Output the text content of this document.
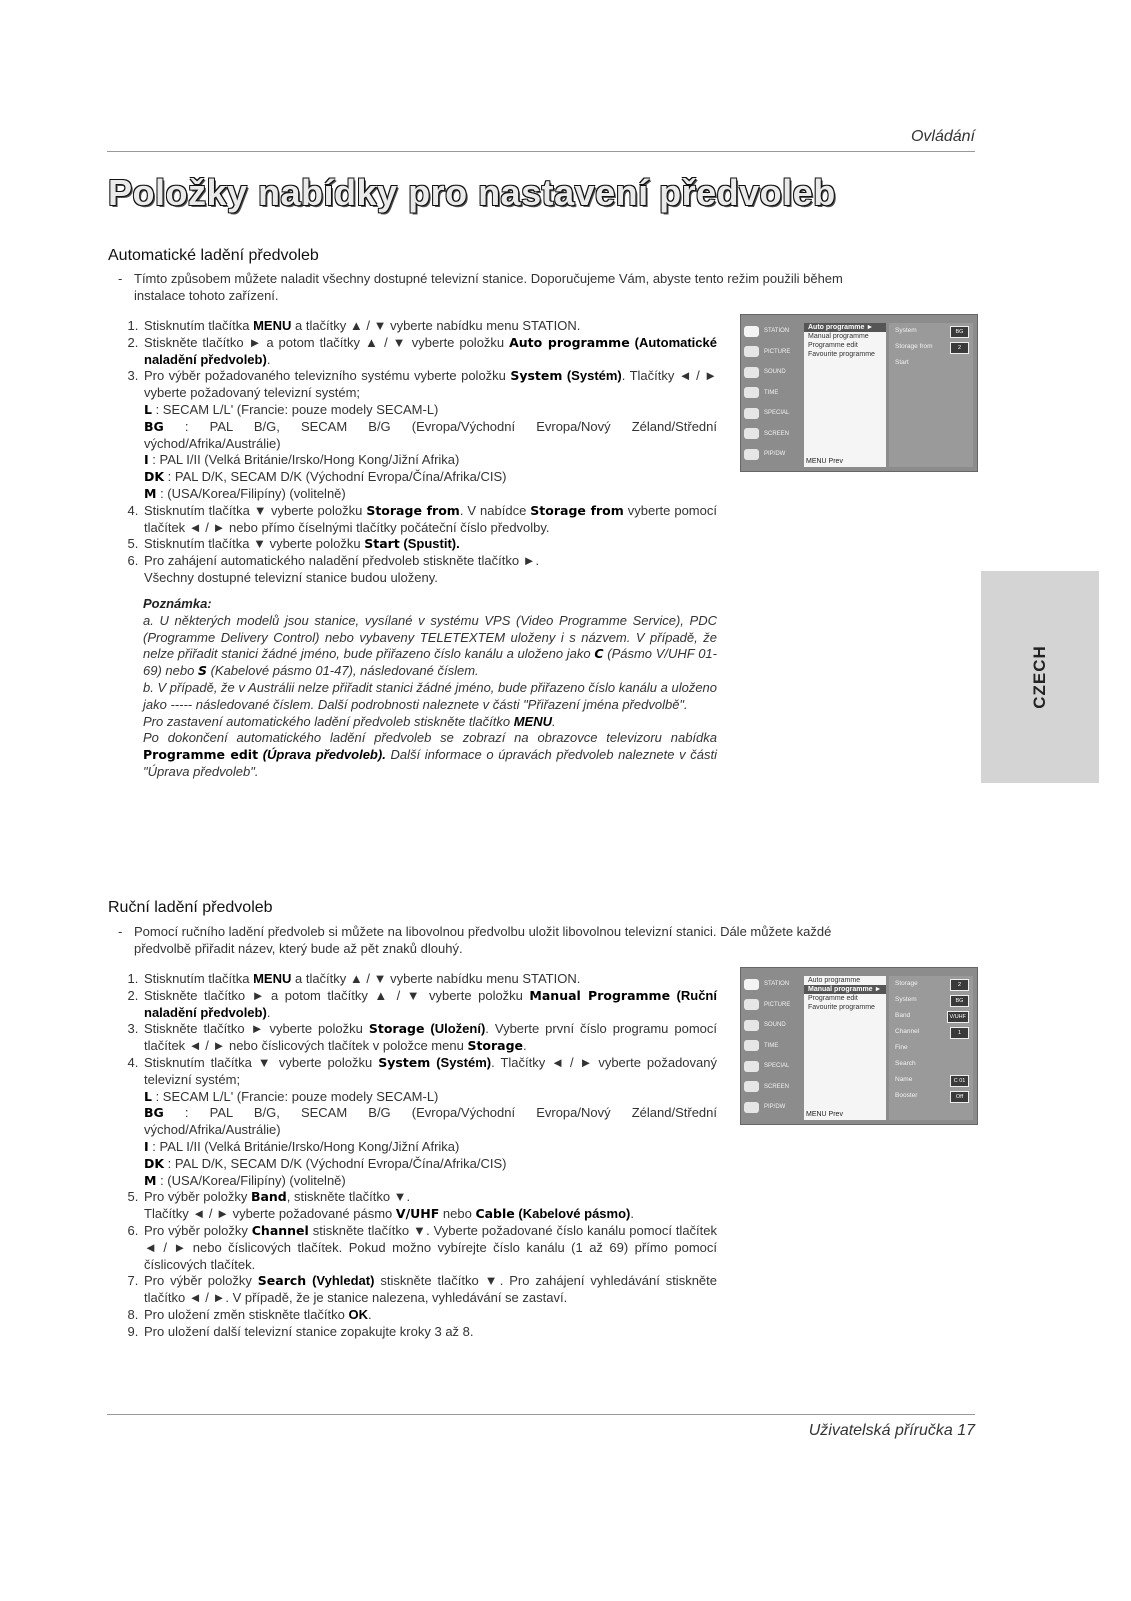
Ovládání
Položky nabídky pro nastavení předvoleb
Automatické ladění předvoleb
- Tímto způsobem můžete naladit všechny dostupné televizní stanice. Doporučujeme Vám, abyste tento režim použili během instalace tohoto zařízení.
1. Stisknutím tlačítka MENU a tlačítky ▲ / ▼ vyberte nabídku menu STATION.
2. Stiskněte tlačítko ► a potom tlačítky ▲ / ▼ vyberte položku Auto programme (Automatické naladění předvoleb).
3. Pro výběr požadovaného televizního systému vyberte položku System (Systém). Tlačítky ◄ / ► vyberte požadovaný televizní systém;
L : SECAM L/L' (Francie: pouze modely SECAM-L)
BG : PAL B/G, SECAM B/G (Evropa/Východní Evropa/Nový Zéland/Střední východ/Afrika/Austrálie)
I : PAL I/II (Velká Británie/Irsko/Hong Kong/Jižní Afrika)
DK : PAL D/K, SECAM D/K (Východní Evropa/Čína/Afrika/CIS)
M : (USA/Korea/Filipíny) (volitelně)
4. Stisknutím tlačítka ▼ vyberte položku Storage from. V nabídce Storage from vyberte pomocí tlačítek ◄ / ► nebo přímo číselnými tlačítky počáteční číslo předvolby.
5. Stisknutím tlačítka ▼ vyberte položku Start (Spustit).
6. Pro zahájení automatického naladění předvoleb stiskněte tlačítko ►.
Všechny dostupné televizní stanice budou uloženy.
Poznámka:
a. U některých modelů jsou stanice, vysílané v systému VPS (Video Programme Service), PDC (Programme Delivery Control) nebo vybaveny TELETEXTEM uloženy i s názvem. V případě, že nelze přiřadit stanici žádné jméno, bude přiřazeno číslo kanálu a uloženo jako C (Pásmo V/UHF 01-69) nebo S (Kabelové pásmo 01-47), následované číslem.
b. V případě, že v Austrálii nelze přiřadit stanici žádné jméno, bude přiřazeno číslo kanálu a uloženo jako ----- následované číslem. Další podrobnosti naleznete v části "Přiřazení jména předvolbě".
Pro zastavení automatického ladění předvoleb stiskněte tlačítko MENU.
Po dokončení automatického ladění předvoleb se zobrazí na obrazovce televizoru nabídka Programme edit (Úprava předvoleb). Další informace o úpravách předvoleb naleznete v části "Úprava předvoleb".
STATION
PICTURE
SOUND
TIME
SPECIAL
SCREEN
PIP/DW
Auto programme ►
Manual programme
Programme edit
Favourite programme
MENU Prev
System	BG
Storage from	2
Start
CZECH
Ruční ladění předvoleb
- Pomocí ručního ladění předvoleb si můžete na libovolnou předvolbu uložit libovolnou televizní stanici. Dále můžete každé předvolbě přiřadit název, který bude až pět znaků dlouhý.
1. Stisknutím tlačítka MENU a tlačítky ▲ / ▼ vyberte nabídku menu STATION.
2. Stiskněte tlačítko ► a potom tlačítky ▲ / ▼ vyberte položku Manual Programme (Ruční naladění předvoleb).
3. Stiskněte tlačítko ► vyberte položku Storage (Uložení). Vyberte první číslo programu pomocí tlačítek ◄ / ► nebo číslicových tlačítek v položce menu Storage.
4. Stisknutím tlačítka ▼ vyberte položku System (Systém). Tlačítky ◄ / ► vyberte požadovaný televizní systém;
L : SECAM L/L' (Francie: pouze modely SECAM-L)
BG : PAL B/G, SECAM B/G (Evropa/Východní Evropa/Nový Zéland/Střední východ/Afrika/Austrálie)
I : PAL I/II (Velká Británie/Irsko/Hong Kong/Jižní Afrika)
DK : PAL D/K, SECAM D/K (Východní Evropa/Čína/Afrika/CIS)
M : (USA/Korea/Filipíny) (volitelně)
5. Pro výběr položky Band, stiskněte tlačítko ▼.
Tlačítky ◄ / ► vyberte požadované pásmo V/UHF nebo Cable (Kabelové pásmo).
6. Pro výběr položky Channel stiskněte tlačítko ▼. Vyberte požadované číslo kanálu pomocí tlačítek ◄ / ► nebo číslicových tlačítek. Pokud možno vybírejte číslo kanálu (1 až 69) přímo pomocí číslicových tlačítek.
7. Pro výběr položky Search (Vyhledat) stiskněte tlačítko ▼. Pro zahájení vyhledávání stiskněte tlačítko ◄ / ►. V případě, že je stanice nalezena, vyhledávání se zastaví.
8. Pro uložení změn stiskněte tlačítko OK.
9. Pro uložení další televizní stanice zopakujte kroky 3 až 8.
STATION
PICTURE
SOUND
TIME
SPECIAL
SCREEN
PIP/DW
Auto programme
Manual programme ►
Programme edit
Favourite programme
MENU Prev
Storage	2
System	BG
Band	V/UHF
Channel	1
Fine
Search
Name	C 01
Booster	Off
Uživatelská příručka 17
